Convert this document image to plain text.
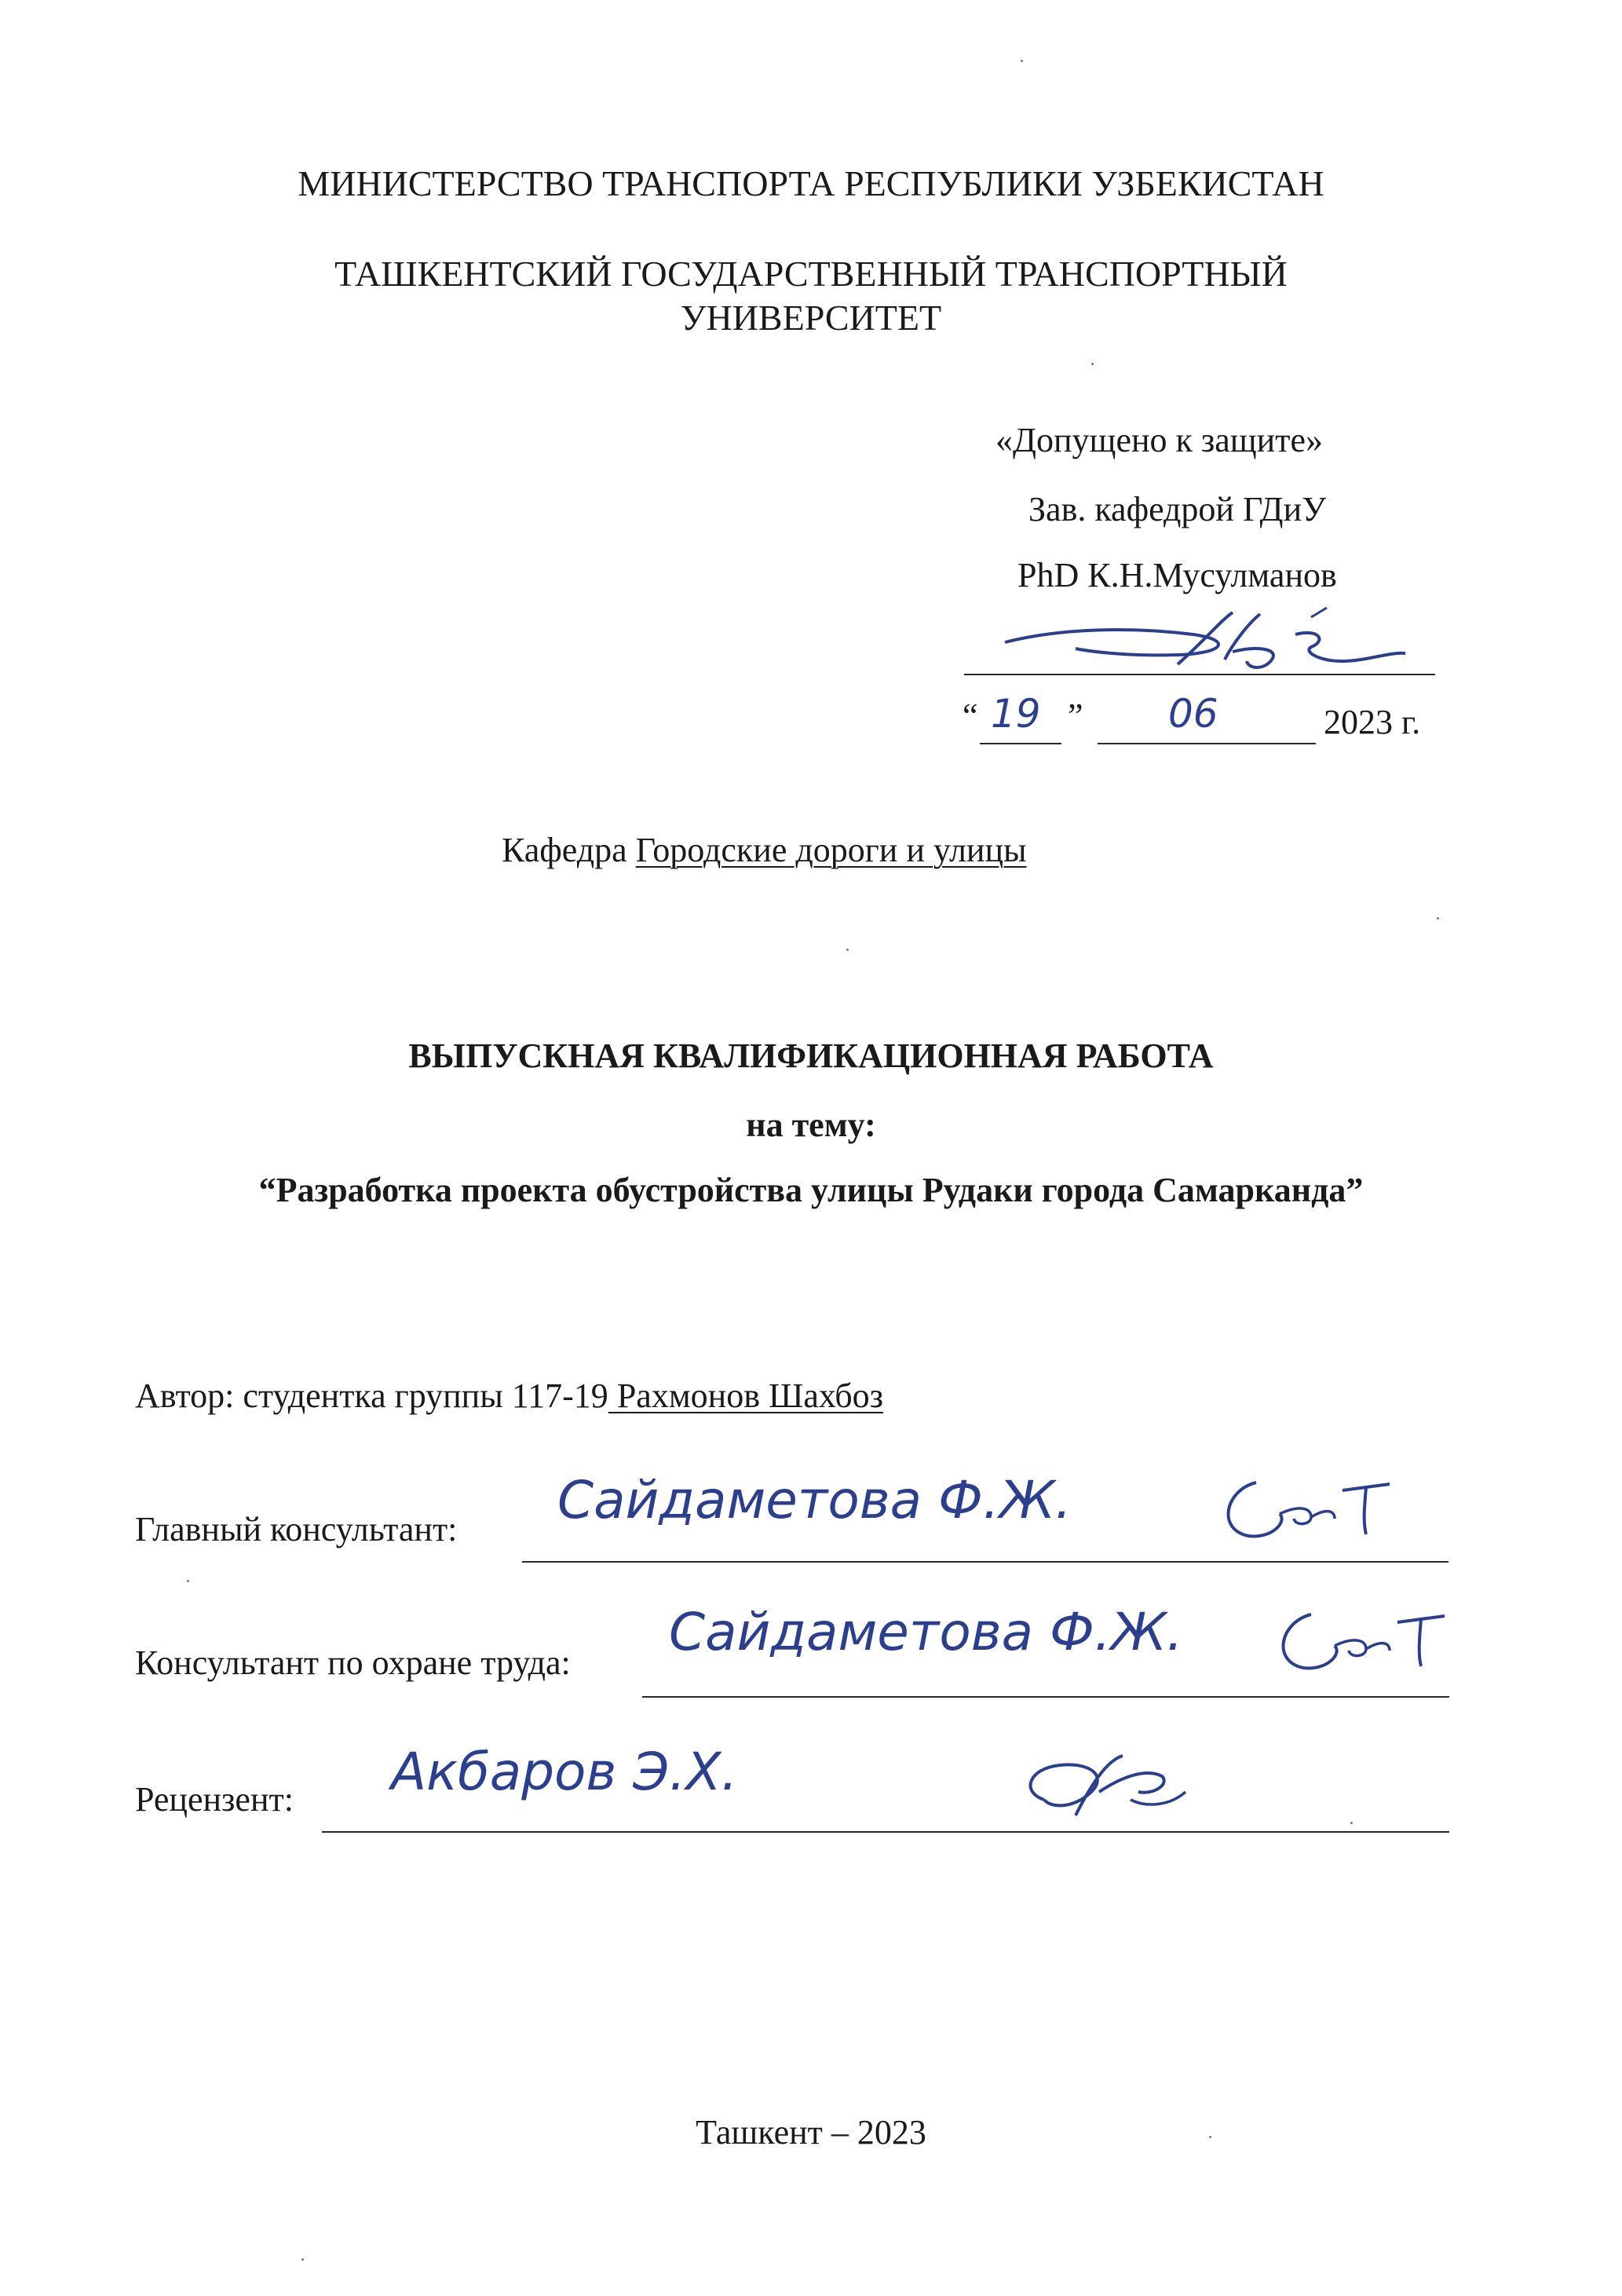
МИНИСТЕРСТВО ТРАНСПОРТА РЕСПУБЛИКИ УЗБЕКИСТАН
ТАШКЕНТСКИЙ ГОСУДАРСТВЕННЫЙ ТРАНСПОРТНЫЙ
УНИВЕРСИТЕТ
«Допущено к защите»
Зав. кафедрой ГДиУ
PhD К.Н.Мусулманов
“ 19 ” 06	2023 г.
Кафедра Городские дороги и улицы
ВЫПУСКНАЯ КВАЛИФИКАЦИОННАЯ РАБОТА
на тему:
“Разработка проекта обустройства улицы Рудаки города Самарканда”
Автор: студентка группы 117-19 Рахмонов Шахбоз
Главный консультант: Сайдаметова Ф.Ж.
Консультант по охране труда:
Сайдаметова Ф.Ж.
Рецензент: Акбаров Э.Х.
Ташкент – 2023
